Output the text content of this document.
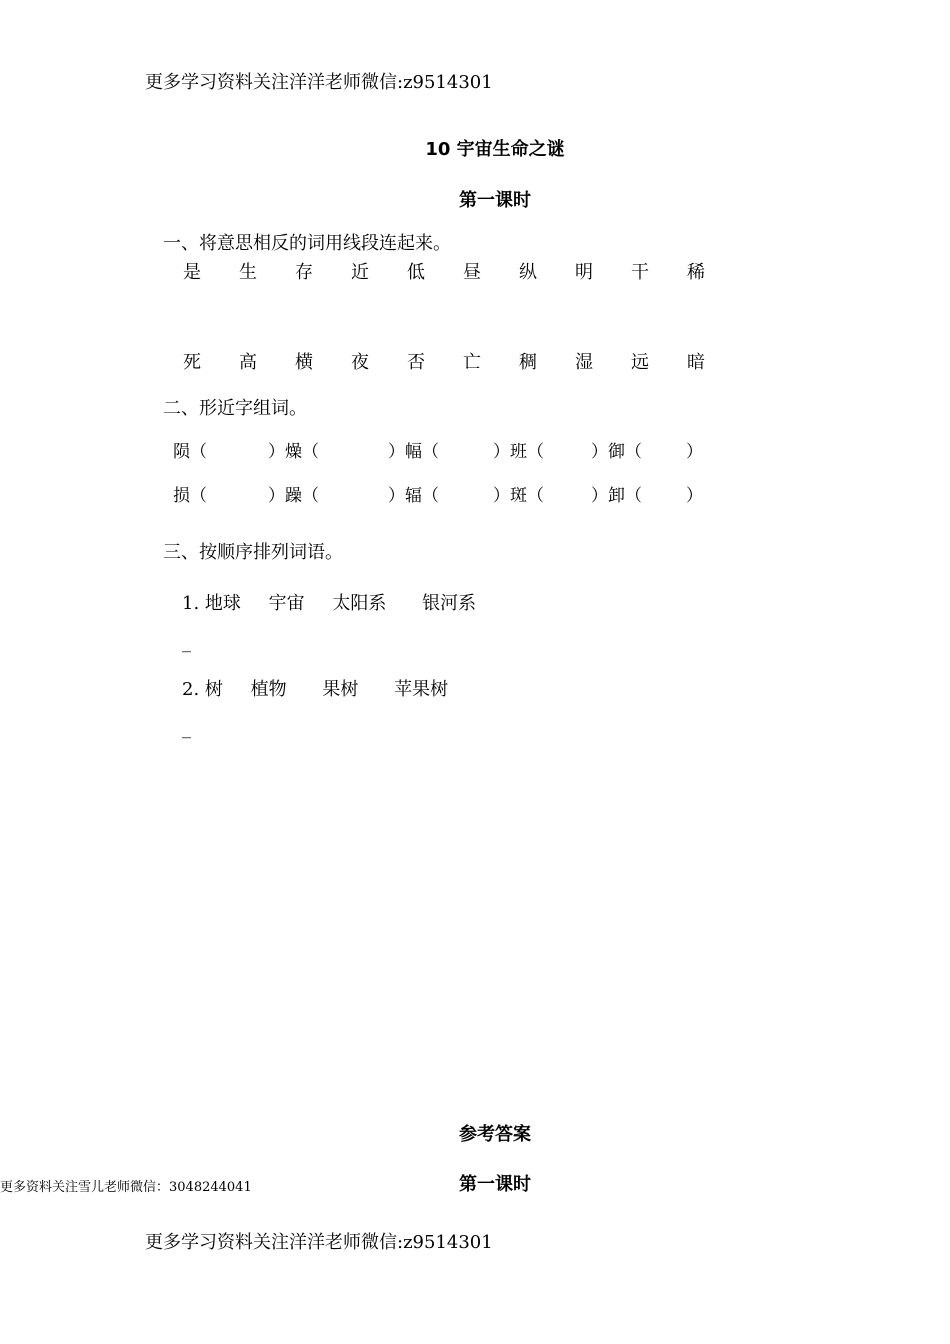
更多学习资料关注洋洋老师微信:z9514301
10 宇宙生命之谜
第一课时
一、将意思相反的词用线段连起来。
是	生	存	近	低	昼	纵	明	干	稀
死	高	横	夜	否	亡	稠	湿	远	暗
二、形近字组词。
陨（	）燥（	）幅（	）班（	）御（	）
损（	）躁（	）辐（	）斑（	）卸（	）
三、按顺序排列词语。
1. 地球 宇宙 太阳系 银河系
_
2. 树 植物 果树 苹果树
_
参考答案
更多资料关注雪儿老师微信：3048244041	第一课时
更多学习资料关注洋洋老师微信:z9514301
